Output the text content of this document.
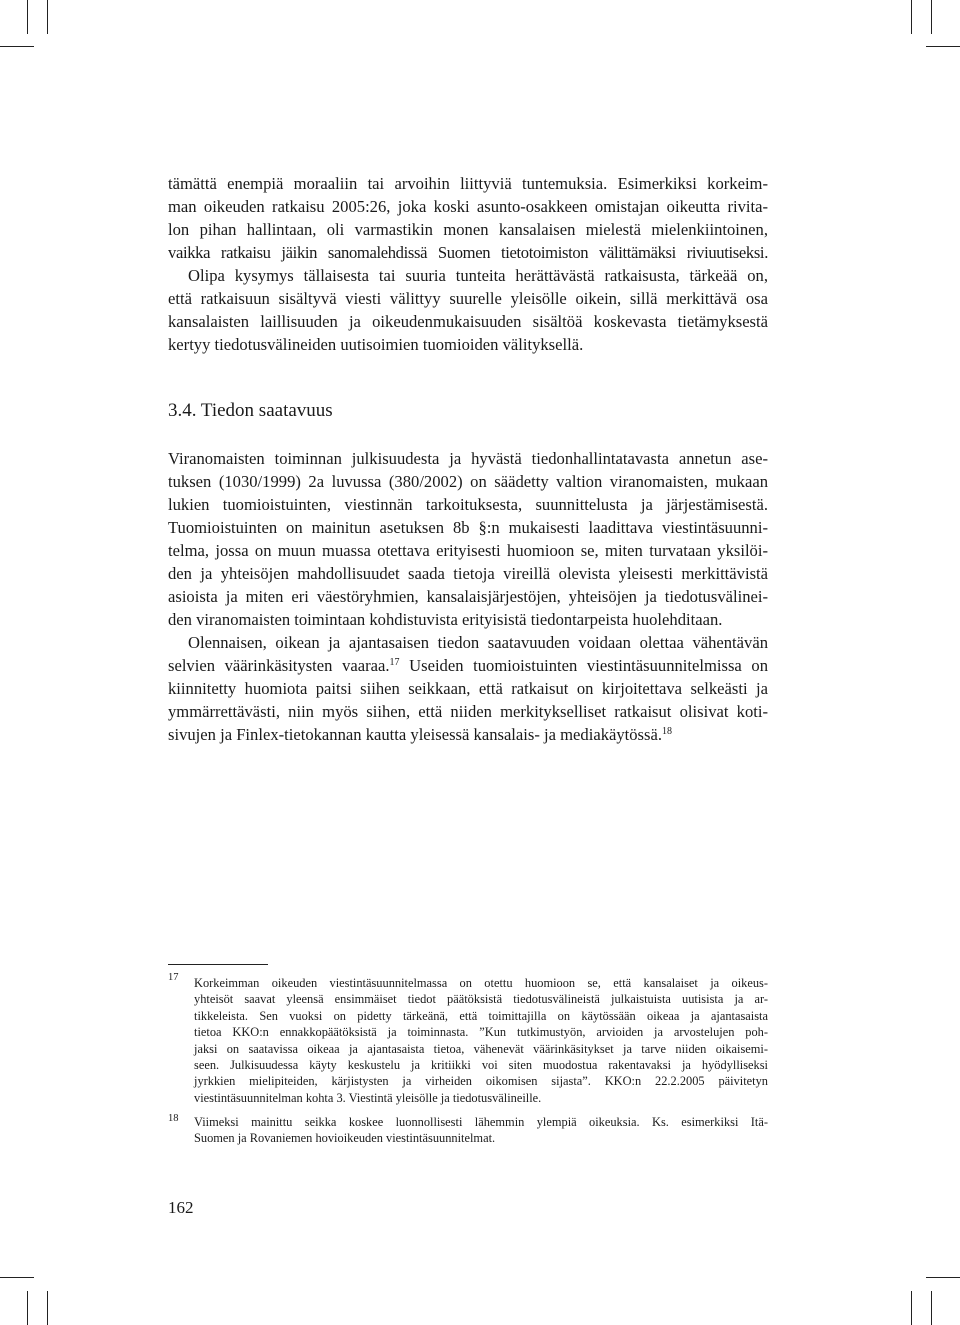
tämättä enempiä moraaliin tai arvoihin liittyviä tuntemuksia. Esimerkiksi korkeim-
man oikeuden ratkaisu 2005:26, joka koski asunto-osakkeen omistajan oikeutta rivita-
lon pihan hallintaan, oli varmastikin monen kansalaisen mielestä mielenkiintoinen,
vaikka ratkaisu jäikin sanomalehdissä Suomen tietotoimiston välittämäksi riviuutiseksi.
Olipa kysymys tällaisesta tai suuria tunteita herättävästä ratkaisusta, tärkeää on,
että ratkaisuun sisältyvä viesti välittyy suurelle yleisölle oikein, sillä merkittävä osa
kansalaisten laillisuuden ja oikeudenmukaisuuden sisältöä koskevasta tietämyksestä
kertyy tiedotusvälineiden uutisoimien tuomioiden välityksellä.
3.4. Tiedon saatavuus
Viranomaisten toiminnan julkisuudesta ja hyvästä tiedonhallintatavasta annetun ase-
tuksen (1030/1999) 2a luvussa (380/2002) on säädetty valtion viranomaisten, mukaan
lukien tuomioistuinten, viestinnän tarkoituksesta, suunnittelusta ja järjestämisestä.
Tuomioistuinten on mainitun asetuksen 8b §:n mukaisesti laadittava viestintäsuunni-
telma, jossa on muun muassa otettava erityisesti huomioon se, miten turvataan yksilöi-
den ja yhteisöjen mahdollisuudet saada tietoja vireillä olevista yleisesti merkittävistä
asioista ja miten eri väestöryhmien, kansalaisjärjestöjen, yhteisöjen ja tiedotusvälinei-
den viranomaisten toimintaan kohdistuvista erityisistä tiedontarpeista huolehditaan.
Olennaisen, oikean ja ajantasaisen tiedon saatavuuden voidaan olettaa vähentävän
selvien väärinkäsitysten vaaraa.$^{17}$ Useiden tuomioistuinten viestintäsuunnitelmissa on
kiinnitetty huomiota paitsi siihen seikkaan, että ratkaisut on kirjoitettava selkeästi ja
ymmärrettävästi, niin myös siihen, että niiden merkitykselliset ratkaisut olisivat koti-
sivujen ja Finlex-tietokannan kautta yleisessä kansalais- ja mediakäytössä.$^{18}$
17 Korkeimman oikeuden viestintäsuunnitelmassa on otettu huomioon se, että kansalaiset ja oikeus-
yhteisöt saavat yleensä ensimmäiset tiedot päätöksistä tiedotusvälineistä julkaistuista uutisista ja ar-
tikkeleista. Sen vuoksi on pidetty tärkeänä, että toimittajilla on käytössään oikeaa ja ajantasaista
tietoa KKO:n ennakkopäätöksistä ja toiminnasta. ”Kun tutkimustyön, arvioiden ja arvostelujen poh-
jaksi on saatavissa oikeaa ja ajantasaista tietoa, vähenevät väärinkäsitykset ja tarve niiden oikaisemi-
seen. Julkisuudessa käyty keskustelu ja kritiikki voi siten muodostua rakentavaksi ja hyödylliseksi
jyrkkien mielipiteiden, kärjistysten ja virheiden oikomisen sijasta”. KKO:n 22.2.2005 päivitetyn
viestintäsuunnitelman kohta 3. Viestintä yleisölle ja tiedotusvälineille.
18 Viimeksi mainittu seikka koskee luonnollisesti lähemmin ylempiä oikeuksia. Ks. esimerkiksi Itä-
Suomen ja Rovaniemen hovioikeuden viestintäsuunnitelmat.
162
